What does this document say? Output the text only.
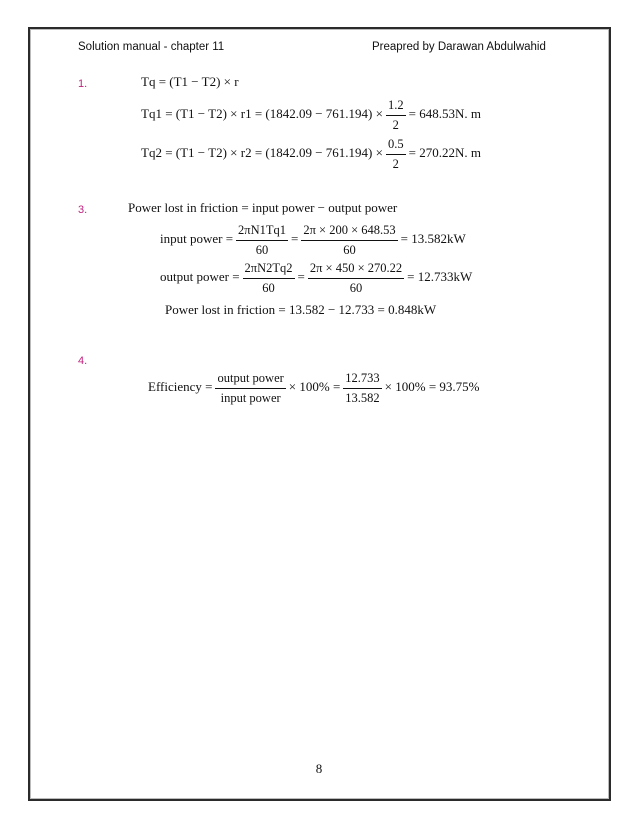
Solution manual - chapter 11	Preapred by Darawan Abdulwahid
1.	Tq = (T1 − T2) × r
$Tq1 = (T1 - T2) \times r1 = (1842.09 - 761.194) \times \frac{1.2}{2} = 648.53N$. m
$Tq2 = (T1 - T2) \times r2 = (1842.09 - 761.194) \times \frac{0.5}{2} = 270.22N$. m
3.	Power lost in friction = input power − output power
input power = $\frac{2\pi N1Tq1}{60} = \frac{2\pi \times 200 \times 648.53}{60} = 13.582kW$
output power = $\frac{2\pi N2Tq2}{60} = \frac{2\pi \times 450 \times 270.22}{60} = 12.733kW$
Power lost in friction = 13.582 − 12.733 = 0.848kW
4.
Efficiency = $\frac{\text{output power}}{\text{input power}} \times 100\% = \frac{12.733}{13.582} \times 100\% = 93.75\%$
8
